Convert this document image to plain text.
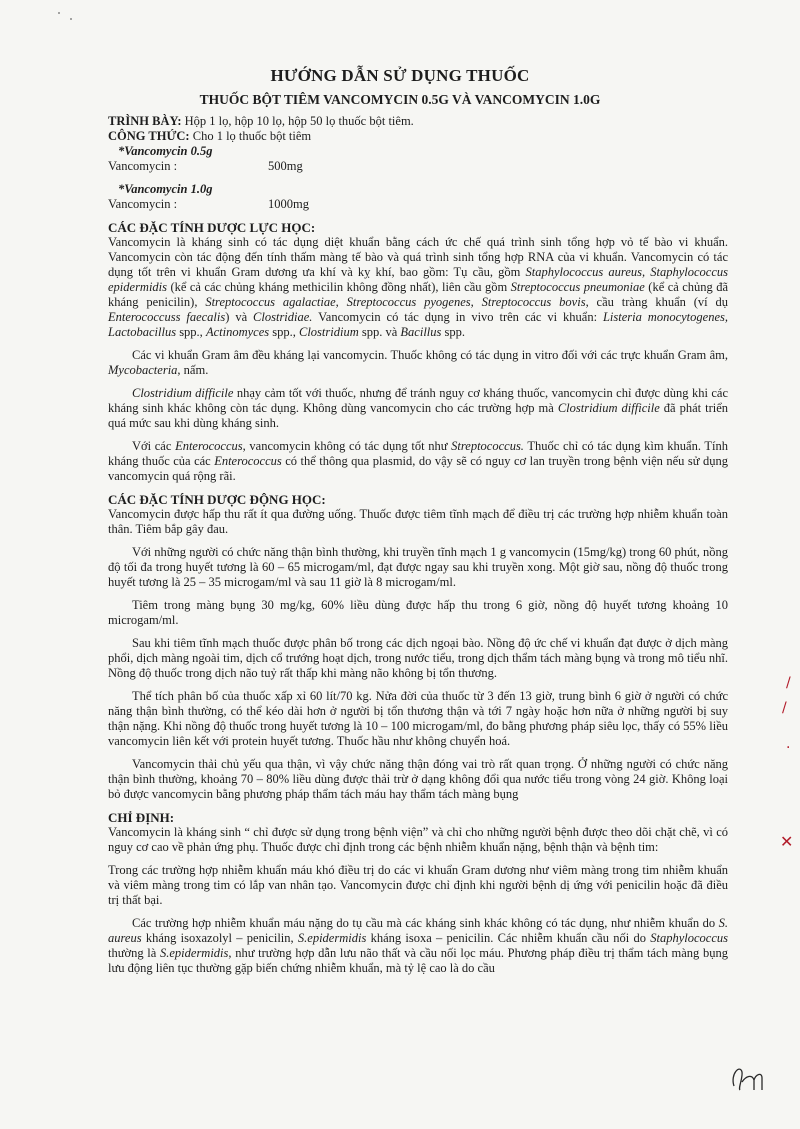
HƯỚNG DẪN SỬ DỤNG THUỐC
THUỐC BỘT TIÊM VANCOMYCIN 0.5G VÀ VANCOMYCIN 1.0G

TRÌNH BÀY: Hộp 1 lọ, hộp 10 lọ, hộp 50 lọ thuốc bột tiêm.

CÔNG THỨC: Cho 1 lọ thuốc bột tiêm

*Vancomycin 0.5g

Vancomycin :	500mg

*Vancomycin 1.0g

Vancomycin :	1000mg

CÁC ĐẶC TÍNH DƯỢC LỰC HỌC:

Vancomycin là kháng sinh có tác dụng diệt khuẩn bằng cách ức chế quá trình sinh tổng hợp vỏ tế bào vi khuẩn. Vancomycin còn tác động đến tính thấm màng tế bào và quá trình sinh tổng hợp RNA của vi khuẩn. Vancomycin có tác dụng tốt trên vi khuẩn Gram dương ưa khí và kỵ khí, bao gồm: Tụ cầu, gồm Staphylococcus aureus, Staphylococcus epidermidis (kể cả các chủng kháng methicilin không đồng nhất), liên cầu gồm Streptococcus pneumoniae (kể cả chủng đã kháng penicilin), Streptococcus agalactiae, Streptococcus pyogenes, Streptococcus bovis, cầu tràng khuẩn (ví dụ Enterococcuss faecalis) và Clostridiae. Vancomycin có tác dụng in vivo trên các vi khuẩn: Listeria monocytogenes, Lactobacillus spp., Actinomyces spp., Clostridium spp. và Bacillus spp.

Các vi khuẩn Gram âm đều kháng lại vancomycin. Thuốc không có tác dụng in vitro đối với các trực khuẩn Gram âm, Mycobacteria, nấm.

Clostridium difficile nhạy cảm tốt với thuốc, nhưng để tránh nguy cơ kháng thuốc, vancomycin chỉ được dùng khi các kháng sinh khác không còn tác dụng. Không dùng vancomycin cho các trường hợp mà Clostridium difficile đã phát triển quá mức sau khi dùng kháng sinh.

Với các Enterococcus, vancomycin không có tác dụng tốt như Streptococcus. Thuốc chỉ có tác dụng kìm khuẩn. Tính kháng thuốc của các Enterococcus có thể thông qua plasmid, do vậy sẽ có nguy cơ lan truyền trong bệnh viện nếu sử dụng vancomycin quá rộng rãi.

CÁC ĐẶC TÍNH DƯỢC ĐỘNG HỌC:

Vancomycin được hấp thu rất ít qua đường uống. Thuốc được tiêm tĩnh mạch để điều trị các trường hợp nhiễm khuẩn toàn thân. Tiêm bắp gây đau.

Với những người có chức năng thận bình thường, khi truyền tĩnh mạch 1 g vancomycin (15mg/kg) trong 60 phút, nồng độ tối đa trong huyết tương là 60 – 65 microgam/ml, đạt được ngay sau khi truyền xong. Một giờ sau, nồng độ thuốc trong huyết tương là 25 – 35 microgam/ml và sau 11 giờ là 8 microgam/ml.

Tiêm trong màng bụng 30 mg/kg, 60% liều dùng được hấp thu trong 6 giờ, nồng độ huyết tương khoảng 10 microgam/ml.

Sau khi tiêm tĩnh mạch thuốc được phân bố trong các dịch ngoại bào. Nồng độ ức chế vi khuẩn đạt được ở dịch màng phổi, dịch màng ngoài tim, dịch cổ trướng hoạt dịch, trong nước tiểu, trong dịch thẩm tách màng bụng và trong mô tiểu nhĩ. Nồng độ thuốc trong dịch não tuỷ rất thấp khi màng não không bị tổn thương.

Thể tích phân bố của thuốc xấp xỉ 60 lít/70 kg. Nửa đời của thuốc từ 3 đến 13 giờ, trung bình 6 giờ ở người có chức năng thận bình thường, có thể kéo dài hơn ở người bị tổn thương thận và tới 7 ngày hoặc hơn nữa ở những người bị suy thận nặng. Khi nồng độ thuốc trong huyết tương là 10 – 100 microgam/ml, đo bằng phương pháp siêu lọc, thấy có 55% liều vancomycin liên kết với protein huyết tương. Thuốc hầu như không chuyển hoá.

Vancomycin thải chủ yếu qua thận, vì vậy chức năng thận đóng vai trò rất quan trọng. Ở những người có chức năng thận bình thường, khoảng 70 – 80% liều dùng được thải trừ ở dạng không đổi qua nước tiểu trong vòng 24 giờ. Không loại bỏ được vancomycin bằng phương pháp thẩm tách máu hay thẩm tách màng bụng

CHỈ ĐỊNH:

Vancomycin là kháng sinh “ chỉ được sử dụng trong bệnh viện” và chỉ cho những người bệnh được theo dõi chặt chẽ, vì có nguy cơ cao về phản ứng phụ. Thuốc được chỉ định trong các bệnh nhiễm khuẩn nặng, bệnh thận và bệnh tim:

Trong các trường hợp nhiễm khuẩn máu khó điều trị do các vi khuẩn Gram dương như viêm màng trong tim nhiễm khuẩn và viêm màng trong tim có lắp van nhân tạo. Vancomycin được chỉ định khi người bệnh dị ứng với penicilin hoặc đã điều trị thất bại.

Các trường hợp nhiễm khuẩn máu nặng do tụ cầu mà các kháng sinh khác không có tác dụng, như nhiễm khuẩn do S. aureus kháng isoxazolyl – penicilin, S.epidermidis kháng isoxa – penicilin. Các nhiễm khuẩn cầu nối do Staphylococcus thường là S.epidermidis, như trường hợp dẫn lưu não thất và cầu nối lọc máu. Phương pháp điều trị thẩm tách màng bụng lưu động liên tục thường gặp biến chứng nhiễm khuẩn, mà tỷ lệ cao là do cầu

/
/
·
✕
